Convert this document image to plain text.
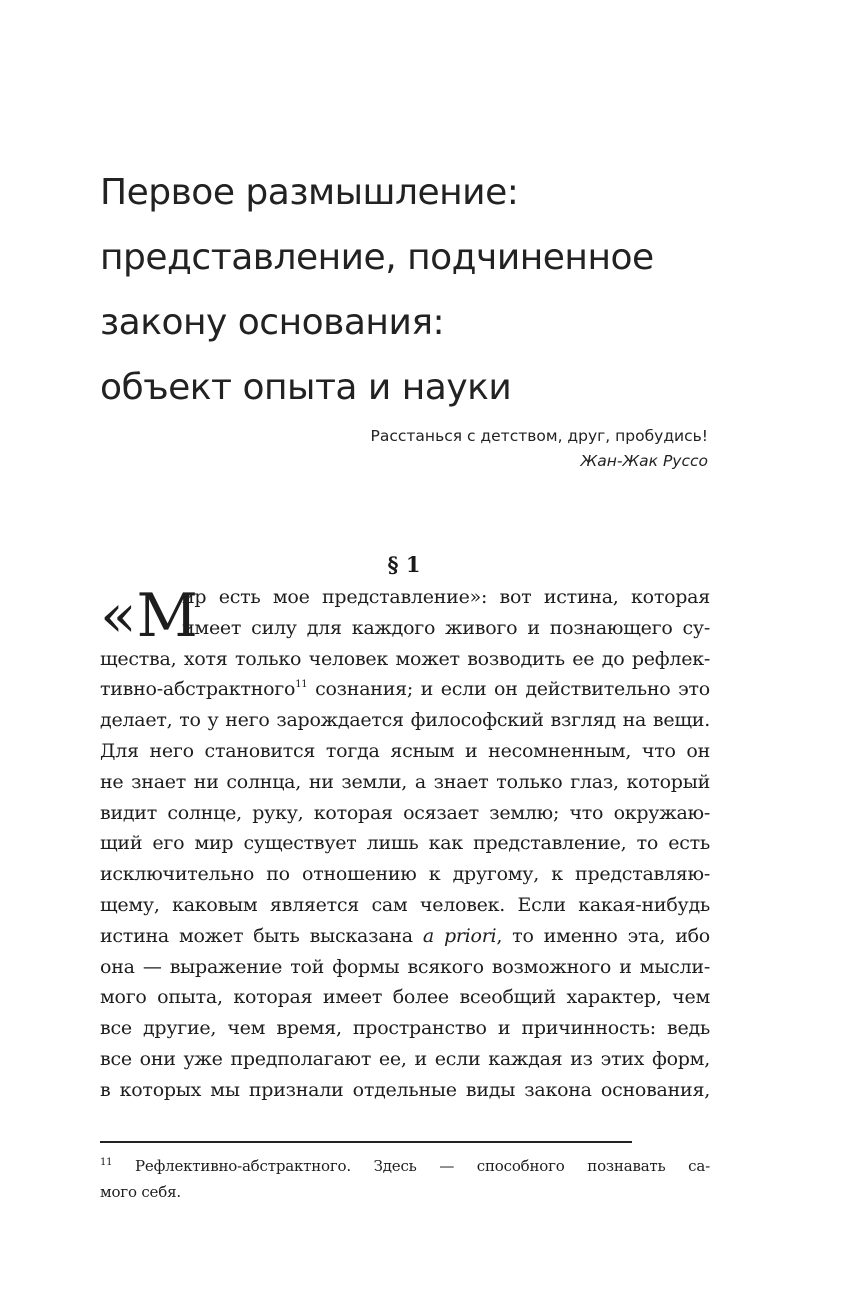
Первое размышление:
представление, подчиненное
закону основания:
объект опыта и науки
Расстанься с детством, друг, пробудись!
Жан-Жак Руссо
§ 1
«М
ир есть мое представление»: вот истина, которая
имеет силу для каждого живого и познающего су-
щества, хотя только человек может возводить ее до рефлек-
тивно-абстрактного$^{11}$ сознания; и если он действительно это
делает, то у него зарождается философский взгляд на вещи.
Для него становится тогда ясным и несомненным, что он
не знает ни солнца, ни земли, а знает только глаз, который
видит солнце, руку, которая осязает землю; что окружаю-
щий его мир существует лишь как представление, то есть
исключительно по отношению к другому, к представляю-
щему, каковым является сам человек. Если какая-нибудь
истина может быть высказана a priori, то именно эта, ибо
она — выражение той формы всякого возможного и мысли-
мого опыта, которая имеет более всеобщий характер, чем
все другие, чем время, пространство и причинность: ведь
все они уже предполагают ее, и если каждая из этих форм,
в которых мы признали отдельные виды закона основания,
$^{11}$ Рефлективно-абстрактного. Здесь — способного познавать са-
мого себя.
